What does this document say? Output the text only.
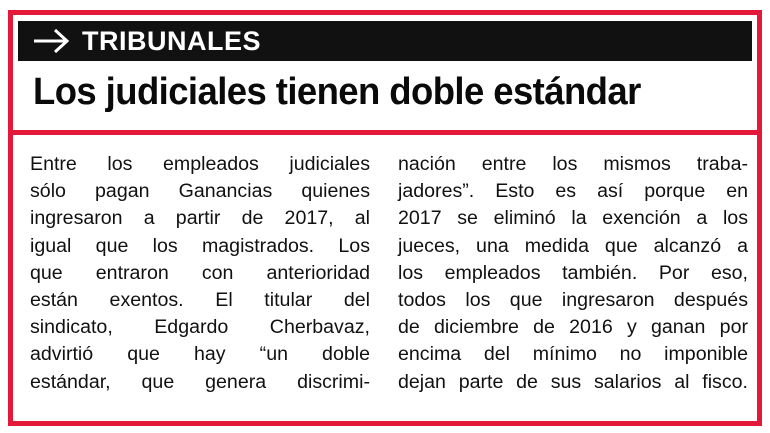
TRIBUNALES
Los judiciales tienen doble estándar
Entre los empleados judiciales
sólo pagan Ganancias quienes
ingresaron a partir de 2017, al
igual que los magistrados. Los
que entraron con anterioridad
están exentos. El titular del
sindicato, Edgardo Cherbavaz,
advirtió que hay “un doble
estándar, que genera discrimi-
nación entre los mismos traba-
jadores”. Esto es así porque en
2017 se eliminó la exención a los
jueces, una medida que alcanzó a
los empleados también. Por eso,
todos los que ingresaron después
de diciembre de 2016 y ganan por
encima del mínimo no imponible
dejan parte de sus salarios al fisco.
